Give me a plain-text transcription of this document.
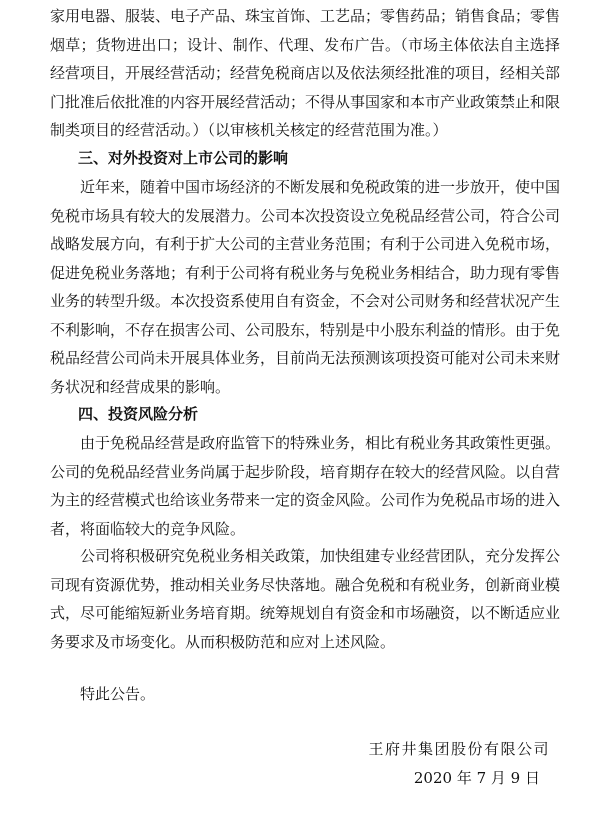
家用电器、服装、电子产品、珠宝首饰、工艺品；零售药品；销售食品；零售烟草；货物进出口；设计、制作、代理、发布广告。（市场主体依法自主选择经营项目，开展经营活动；经营免税商店以及依法须经批准的项目，经相关部门批准后依批准的内容开展经营活动；不得从事国家和本市产业政策禁止和限制类项目的经营活动。）（以审核机关核定的经营范围为准。）

三、对外投资对上市公司的影响

近年来，随着中国市场经济的不断发展和免税政策的进一步放开，使中国免税市场具有较大的发展潜力。公司本次投资设立免税品经营公司，符合公司战略发展方向，有利于扩大公司的主营业务范围；有利于公司进入免税市场，促进免税业务落地；有利于公司将有税业务与免税业务相结合，助力现有零售业务的转型升级。本次投资系使用自有资金，不会对公司财务和经营状况产生不利影响，不存在损害公司、公司股东，特别是中小股东利益的情形。由于免税品经营公司尚未开展具体业务，目前尚无法预测该项投资可能对公司未来财务状况和经营成果的影响。

四、投资风险分析

由于免税品经营是政府监管下的特殊业务，相比有税业务其政策性更强。公司的免税品经营业务尚属于起步阶段，培育期存在较大的经营风险。以自营为主的经营模式也给该业务带来一定的资金风险。公司作为免税品市场的进入者，将面临较大的竞争风险。

公司将积极研究免税业务相关政策，加快组建专业经营团队，充分发挥公司现有资源优势，推动相关业务尽快落地。融合免税和有税业务，创新商业模式，尽可能缩短新业务培育期。统筹规划自有资金和市场融资，以不断适应业务要求及市场变化。从而积极防范和应对上述风险。

特此公告。

王府井集团股份有限公司

2020 年 7 月 9 日
